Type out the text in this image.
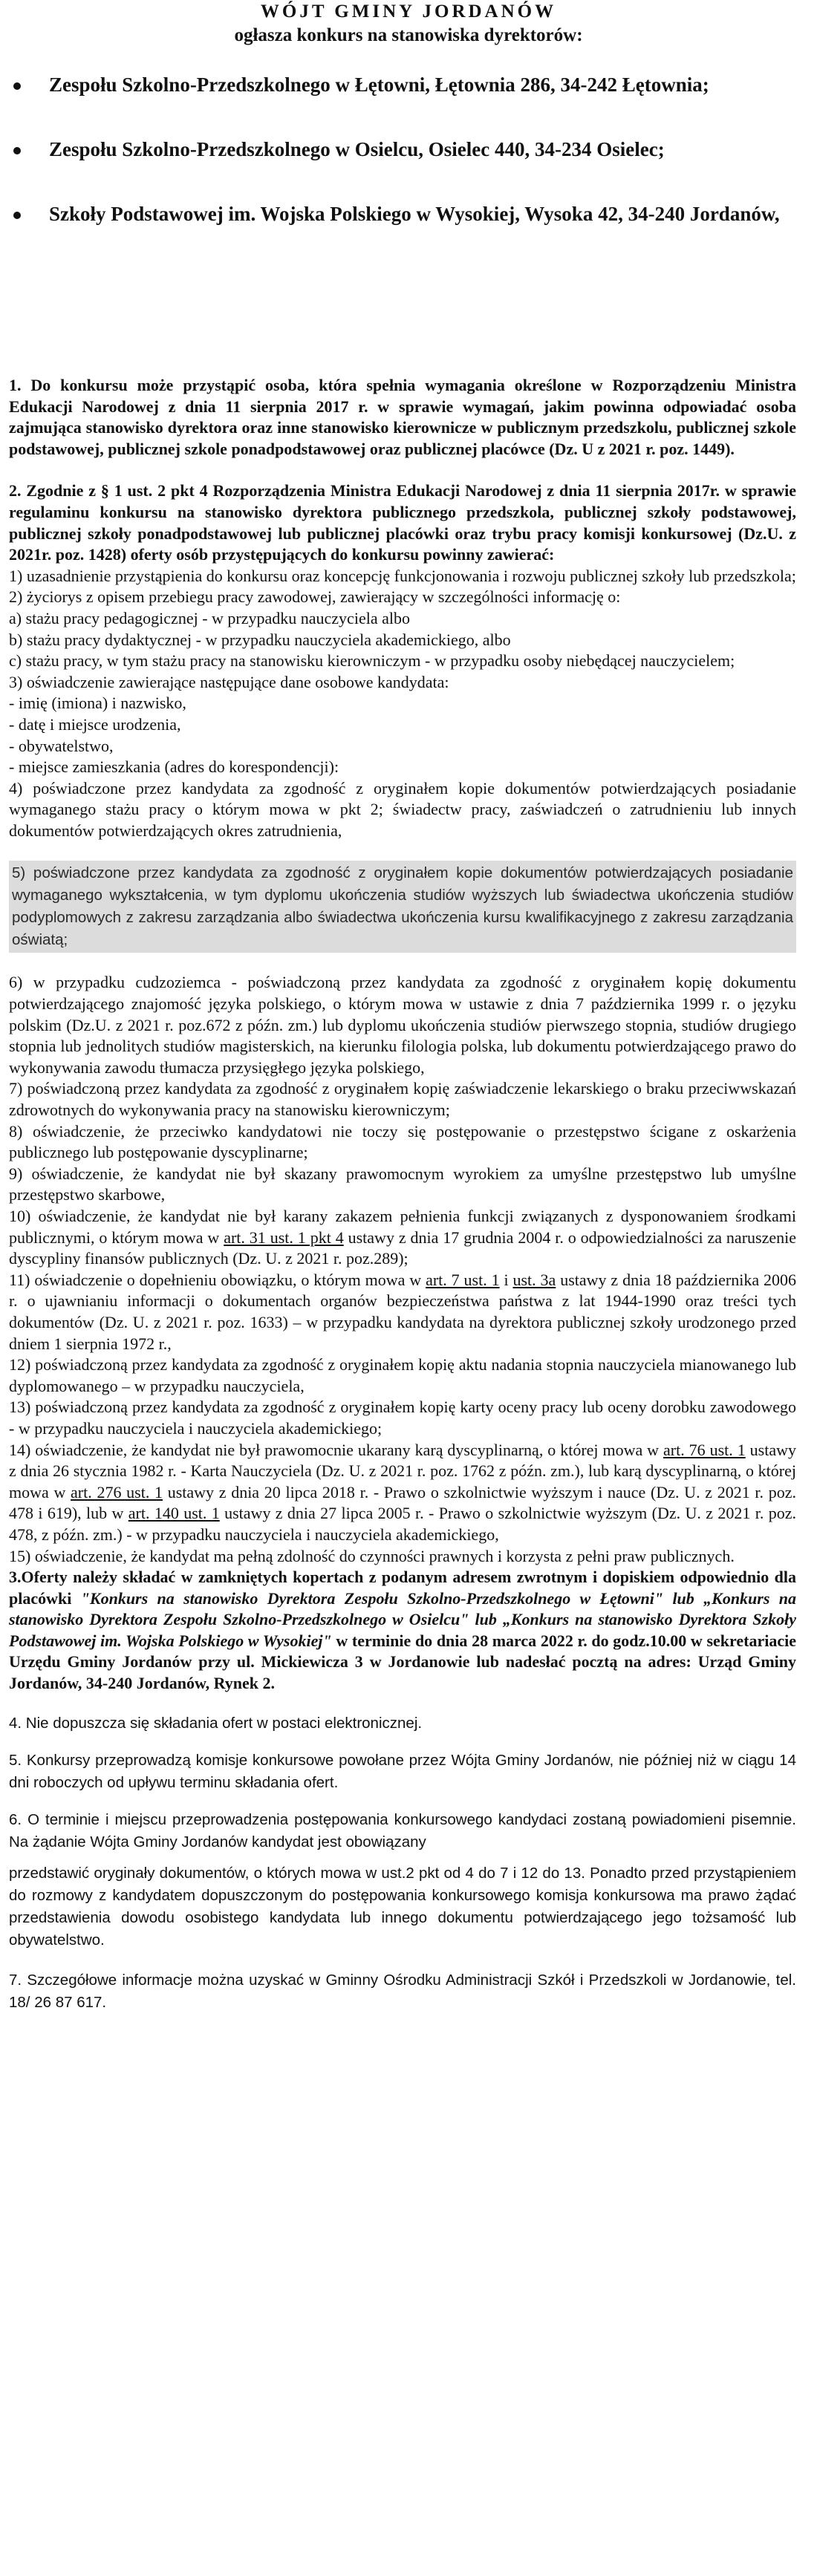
WÓJT GMINY JORDANÓW
ogłasza konkurs na stanowiska dyrektorów:
Zespołu Szkolno-Przedszkolnego w Łętowni, Łętownia 286, 34-242 Łętownia;
Zespołu Szkolno-Przedszkolnego w Osielcu, Osielec 440, 34-234 Osielec;
Szkoły Podstawowej im. Wojska Polskiego w Wysokiej, Wysoka 42, 34-240 Jordanów,

1. Do konkursu może przystąpić osoba, która spełnia wymagania określone w Rozporządzeniu Ministra Edukacji Narodowej z dnia 11 sierpnia 2017 r. w sprawie wymagań, jakim powinna odpowiadać osoba zajmująca stanowisko dyrektora oraz inne stanowisko kierownicze w publicznym przedszkolu, publicznej szkole podstawowej, publicznej szkole ponadpodstawowej oraz publicznej placówce (Dz. U z 2021 r. poz. 1449).

2. Zgodnie z § 1 ust. 2 pkt 4 Rozporządzenia Ministra Edukacji Narodowej z dnia 11 sierpnia 2017r. w sprawie regulaminu konkursu na stanowisko dyrektora publicznego przedszkola, publicznej szkoły podstawowej, publicznej szkoły ponadpodstawowej lub publicznej placówki oraz trybu pracy komisji konkursowej (Dz.U. z 2021r. poz. 1428) oferty osób przystępujących do konkursu powinny zawierać:

1) uzasadnienie przystąpienia do konkursu oraz koncepcję funkcjonowania i rozwoju publicznej szkoły lub przedszkola;

2) życiorys z opisem przebiegu pracy zawodowej, zawierający w szczególności informację o:

a) stażu pracy pedagogicznej - w przypadku nauczyciela albo

b) stażu pracy dydaktycznej - w przypadku nauczyciela akademickiego, albo

c) stażu pracy, w tym stażu pracy na stanowisku kierowniczym - w przypadku osoby niebędącej nauczycielem;

3) oświadczenie zawierające następujące dane osobowe kandydata:

- imię (imiona) i nazwisko,

- datę i miejsce urodzenia,

- obywatelstwo,

- miejsce zamieszkania (adres do korespondencji):

4) poświadczone przez kandydata za zgodność z oryginałem kopie dokumentów potwierdzających posiadanie wymaganego stażu pracy o którym mowa w pkt 2; świadectw pracy, zaświadczeń o zatrudnieniu lub innych dokumentów potwierdzających okres zatrudnienia,

5) poświadczone przez kandydata za zgodność z oryginałem kopie dokumentów potwierdzających posiadanie wymaganego wykształcenia, w tym dyplomu ukończenia studiów wyższych lub świadectwa ukończenia studiów podyplomowych z zakresu zarządzania albo świadectwa ukończenia kursu kwalifikacyjnego z zakresu zarządzania oświatą;

6) w przypadku cudzoziemca - poświadczoną przez kandydata za zgodność z oryginałem kopię dokumentu potwierdzającego znajomość języka polskiego, o którym mowa w ustawie z dnia 7 października 1999 r. o języku polskim (Dz.U. z 2021 r. poz.672 z późn. zm.) lub dyplomu ukończenia studiów pierwszego stopnia, studiów drugiego stopnia lub jednolitych studiów magisterskich, na kierunku filologia polska, lub dokumentu potwierdzającego prawo do wykonywania zawodu tłumacza przysięgłego języka polskiego,

7) poświadczoną przez kandydata za zgodność z oryginałem kopię zaświadczenie lekarskiego o braku przeciwwskazań zdrowotnych do wykonywania pracy na stanowisku kierowniczym;

8) oświadczenie, że przeciwko kandydatowi nie toczy się postępowanie o przestępstwo ścigane z oskarżenia publicznego lub postępowanie dyscyplinarne;

9) oświadczenie, że kandydat nie był skazany prawomocnym wyrokiem za umyślne przestępstwo lub umyślne przestępstwo skarbowe,

10) oświadczenie, że kandydat nie był karany zakazem pełnienia funkcji związanych z dysponowaniem środkami publicznymi, o którym mowa w art. 31 ust. 1 pkt 4 ustawy z dnia 17 grudnia 2004 r. o odpowiedzialności za naruszenie dyscypliny finansów publicznych (Dz. U. z 2021 r. poz.289);

11) oświadczenie o dopełnieniu obowiązku, o którym mowa w art. 7 ust. 1 i ust. 3a ustawy z dnia 18 października 2006 r. o ujawnianiu informacji o dokumentach organów bezpieczeństwa państwa z lat 1944-1990 oraz treści tych dokumentów (Dz. U. z 2021 r. poz. 1633) – w przypadku kandydata na dyrektora publicznej szkoły urodzonego przed dniem 1 sierpnia 1972 r.,

12) poświadczoną przez kandydata za zgodność z oryginałem kopię aktu nadania stopnia nauczyciela mianowanego lub dyplomowanego – w przypadku nauczyciela,

13) poświadczoną przez kandydata za zgodność z oryginałem kopię karty oceny pracy lub oceny dorobku zawodowego - w przypadku nauczyciela i nauczyciela akademickiego;

14) oświadczenie, że kandydat nie był prawomocnie ukarany karą dyscyplinarną, o której mowa w art. 76 ust. 1 ustawy z dnia 26 stycznia 1982 r. - Karta Nauczyciela (Dz. U. z 2021 r. poz. 1762 z późn. zm.), lub karą dyscyplinarną, o której mowa w art. 276 ust. 1 ustawy z dnia 20 lipca 2018 r. - Prawo o szkolnictwie wyższym i nauce (Dz. U. z 2021 r. poz. 478 i 619), lub w art. 140 ust. 1 ustawy z dnia 27 lipca 2005 r. - Prawo o szkolnictwie wyższym (Dz. U. z 2021 r. poz. 478, z późn. zm.) - w przypadku nauczyciela i nauczyciela akademickiego,

15) oświadczenie, że kandydat ma pełną zdolność do czynności prawnych i korzysta z pełni praw publicznych.

3.Oferty należy składać w zamkniętych kopertach z podanym adresem zwrotnym i dopiskiem odpowiednio dla placówki "Konkurs na stanowisko Dyrektora Zespołu Szkolno-Przedszkolnego w Łętowni" lub „Konkurs na stanowisko Dyrektora Zespołu Szkolno-Przedszkolnego w Osielcu" lub „Konkurs na stanowisko Dyrektora Szkoły Podstawowej im. Wojska Polskiego w Wysokiej" w terminie do dnia 28 marca 2022 r. do godz.10.00 w sekretariacie Urzędu Gminy Jordanów przy ul. Mickiewicza 3 w Jordanowie lub nadesłać pocztą na adres: Urząd Gminy Jordanów, 34-240 Jordanów, Rynek 2.

4. Nie dopuszcza się składania ofert w postaci elektronicznej.

5. Konkursy przeprowadzą komisje konkursowe powołane przez Wójta Gminy Jordanów, nie później niż w ciągu 14 dni roboczych od upływu terminu składania ofert.

6. O terminie i miejscu przeprowadzenia postępowania konkursowego kandydaci zostaną powiadomieni pisemnie. Na żądanie Wójta Gminy Jordanów kandydat jest obowiązany

przedstawić oryginały dokumentów, o których mowa w ust.2 pkt od 4 do 7 i 12 do 13. Ponadto przed przystąpieniem do rozmowy z kandydatem dopuszczonym do postępowania konkursowego komisja konkursowa ma prawo żądać przedstawienia dowodu osobistego kandydata lub innego dokumentu potwierdzającego jego tożsamość lub obywatelstwo.

7. Szczegółowe informacje można uzyskać w Gminny Ośrodku Administracji Szkół i Przedszkoli w Jordanowie, tel. 18/ 26 87 617.
